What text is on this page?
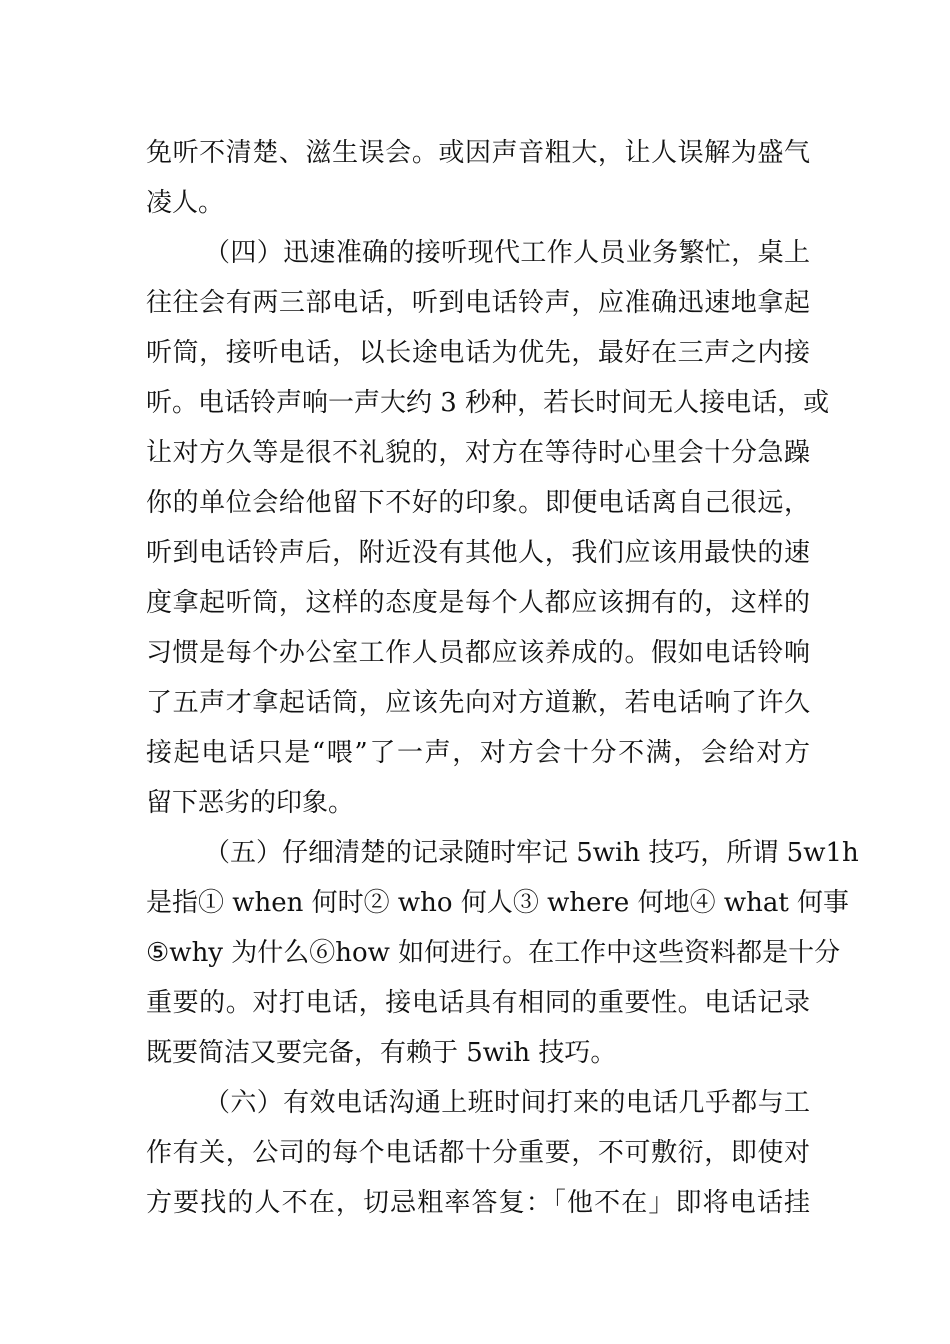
免听不清楚、滋生误会。或因声音粗大，让人误解为盛气
凌人。
（四）迅速准确的接听现代工作人员业务繁忙，桌上
往往会有两三部电话，听到电话铃声，应准确迅速地拿起
听筒，接听电话，以长途电话为优先，最好在三声之内接
听。电话铃声响一声大约 3 秒种，若长时间无人接电话，或
让对方久等是很不礼貌的，对方在等待时心里会十分急躁
你的单位会给他留下不好的印象。即便电话离自己很远，
听到电话铃声后，附近没有其他人，我们应该用最快的速
度拿起听筒，这样的态度是每个人都应该拥有的，这样的
习惯是每个办公室工作人员都应该养成的。假如电话铃响
了五声才拿起话筒，应该先向对方道歉，若电话响了许久
接起电话只是“喂”了一声，对方会十分不满，会给对方
留下恶劣的印象。
（五）仔细清楚的记录随时牢记 5wih 技巧，所谓 5w1h
是指① when 何时② who 何人③ where 何地④ what 何事
⑤why 为什么⑥how 如何进行。在工作中这些资料都是十分
重要的。对打电话，接电话具有相同的重要性。电话记录
既要简洁又要完备，有赖于 5wih 技巧。
（六）有效电话沟通上班时间打来的电话几乎都与工
作有关，公司的每个电话都十分重要，不可敷衍，即使对
方要找的人不在，切忌粗率答复：「他不在」即将电话挂
